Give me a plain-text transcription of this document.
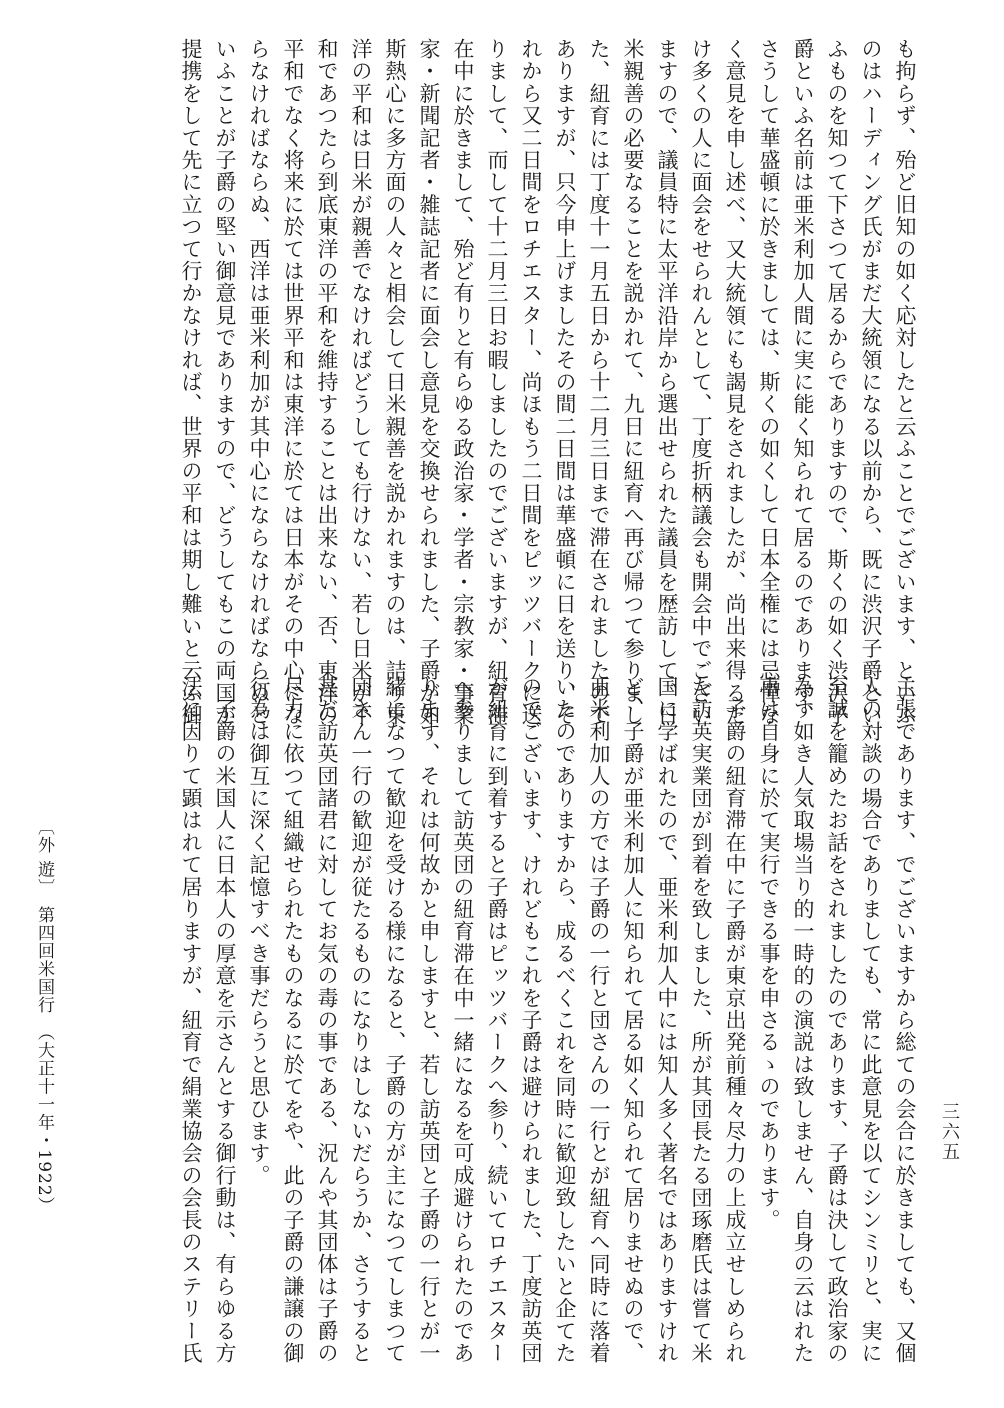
も拘らず、殆ど旧知の如く応対したと云ふことでございます、といふ
のはハーディング氏がまだ大統領になる以前から、既に渋沢子爵とい
ふものを知つて下さつて居るからでありますので、斯くの如く渋沢子
爵といふ名前は亜米利加人間に実に能く知られて居るのであります、
さうして華盛頓に於きましては、斯くの如くして日本全権には忌憚な
く意見を申し述べ、又大統領にも謁見をされましたが、尚出来得るだ
け多くの人に面会をせられんとして、丁度折柄議会も開会中でござい
ますので、議員特に太平洋沿岸から選出せられた議員を歴訪して、日
米親善の必要なることを説かれて、九日に紐育へ再び帰つて参りまし
た、紐育には丁度十一月五日から十二月三日まで滞在されましたので
ありますが、只今申上げましたその間二日間は華盛頓に日を送り、そ
れから又二日間をロチエスター、尚ほもう二日間をピッツバークに送
りまして、而して十二月三日お暇しましたのでございますが、紐育滞
在中に於きまして、殆ど有りと有らゆる政治家・学者・宗教家・事業
家・新聞記者・雑誌記者に面会し意見を交換せられました、子爵が如
斯熱心に多方面の人々と相会して日米親善を説かれますのは、詰り東
洋の平和は日米が親善でなければどうしても行けない、若し日米が不
和であつたら到底東洋の平和を維持することは出来ない、否、東洋の
平和でなく将来に於ては世界平和は東洋に於ては日本がその中心にな
らなければならぬ、西洋は亜米利加が其中心にならなければならぬと
いふことが子爵の堅い御意見でありますので、どうしてもこの両国が
提携をして先に立つて行かなければ、世界の平和は期し難いと云ふ御
主張であります、でございますから総ての会合に於きましても、又個
人の対談の場合でありましても、常に此意見を以てシンミリと、実に
至誠を籠めたお話をされましたのであります、子爵は決して政治家の
為す如き人気取場当り的一時的の演説は致しません、自身の云はれた
事は自身に於て実行できる事を申さるゝのであります。
　子爵の紐育滞在中に子爵が東京出発前種々尽力の上成立せしめられ
た訪英実業団が到着を致しました、所が其団長たる団琢磨氏は嘗て米
国に学ばれたので、亜米利加人中には知人多く著名ではありますけれ
ど、子爵が亜米利加人に知られて居る如く知られて居りませぬので、
亜米利加人の方では子爵の一行と団さんの一行とが紐育へ同時に落着
いたのでありますから、成るべくこれを同時に歓迎致したいと企てた
のでございます、けれどもこれを子爵は避けられました、丁度訪英団
が紐育に到着すると子爵はピッツバークへ参り、続いてロチエスター
へ参りまして訪英団の紐育滞在中一緒になるを可成避けられたのであ
ります、それは何故かと申しますと、若し訪英団と子爵の一行とが一
緒になつて歓迎を受ける様になると、子爵の方が主になつてしまつて
団さん一行の歓迎が従たるものになりはしないだらうか、さうすると
甚だ訪英団諸君に対してお気の毒の事である、況んや其団体は子爵の
尽力に依つて組織せられたものなるに於てをや、此の子爵の謙譲の御
行為は御互に深く記憶すべき事だらうと思ひます。
　子爵の米国人に日本人の厚意を示さんとする御行動は、有らゆる方
法に因りて顕はれて居りますが、紐育で絹業協会の会長のステリー氏
〔外 遊〕　第四回米国行　（大正十一年・1922）	三六五
